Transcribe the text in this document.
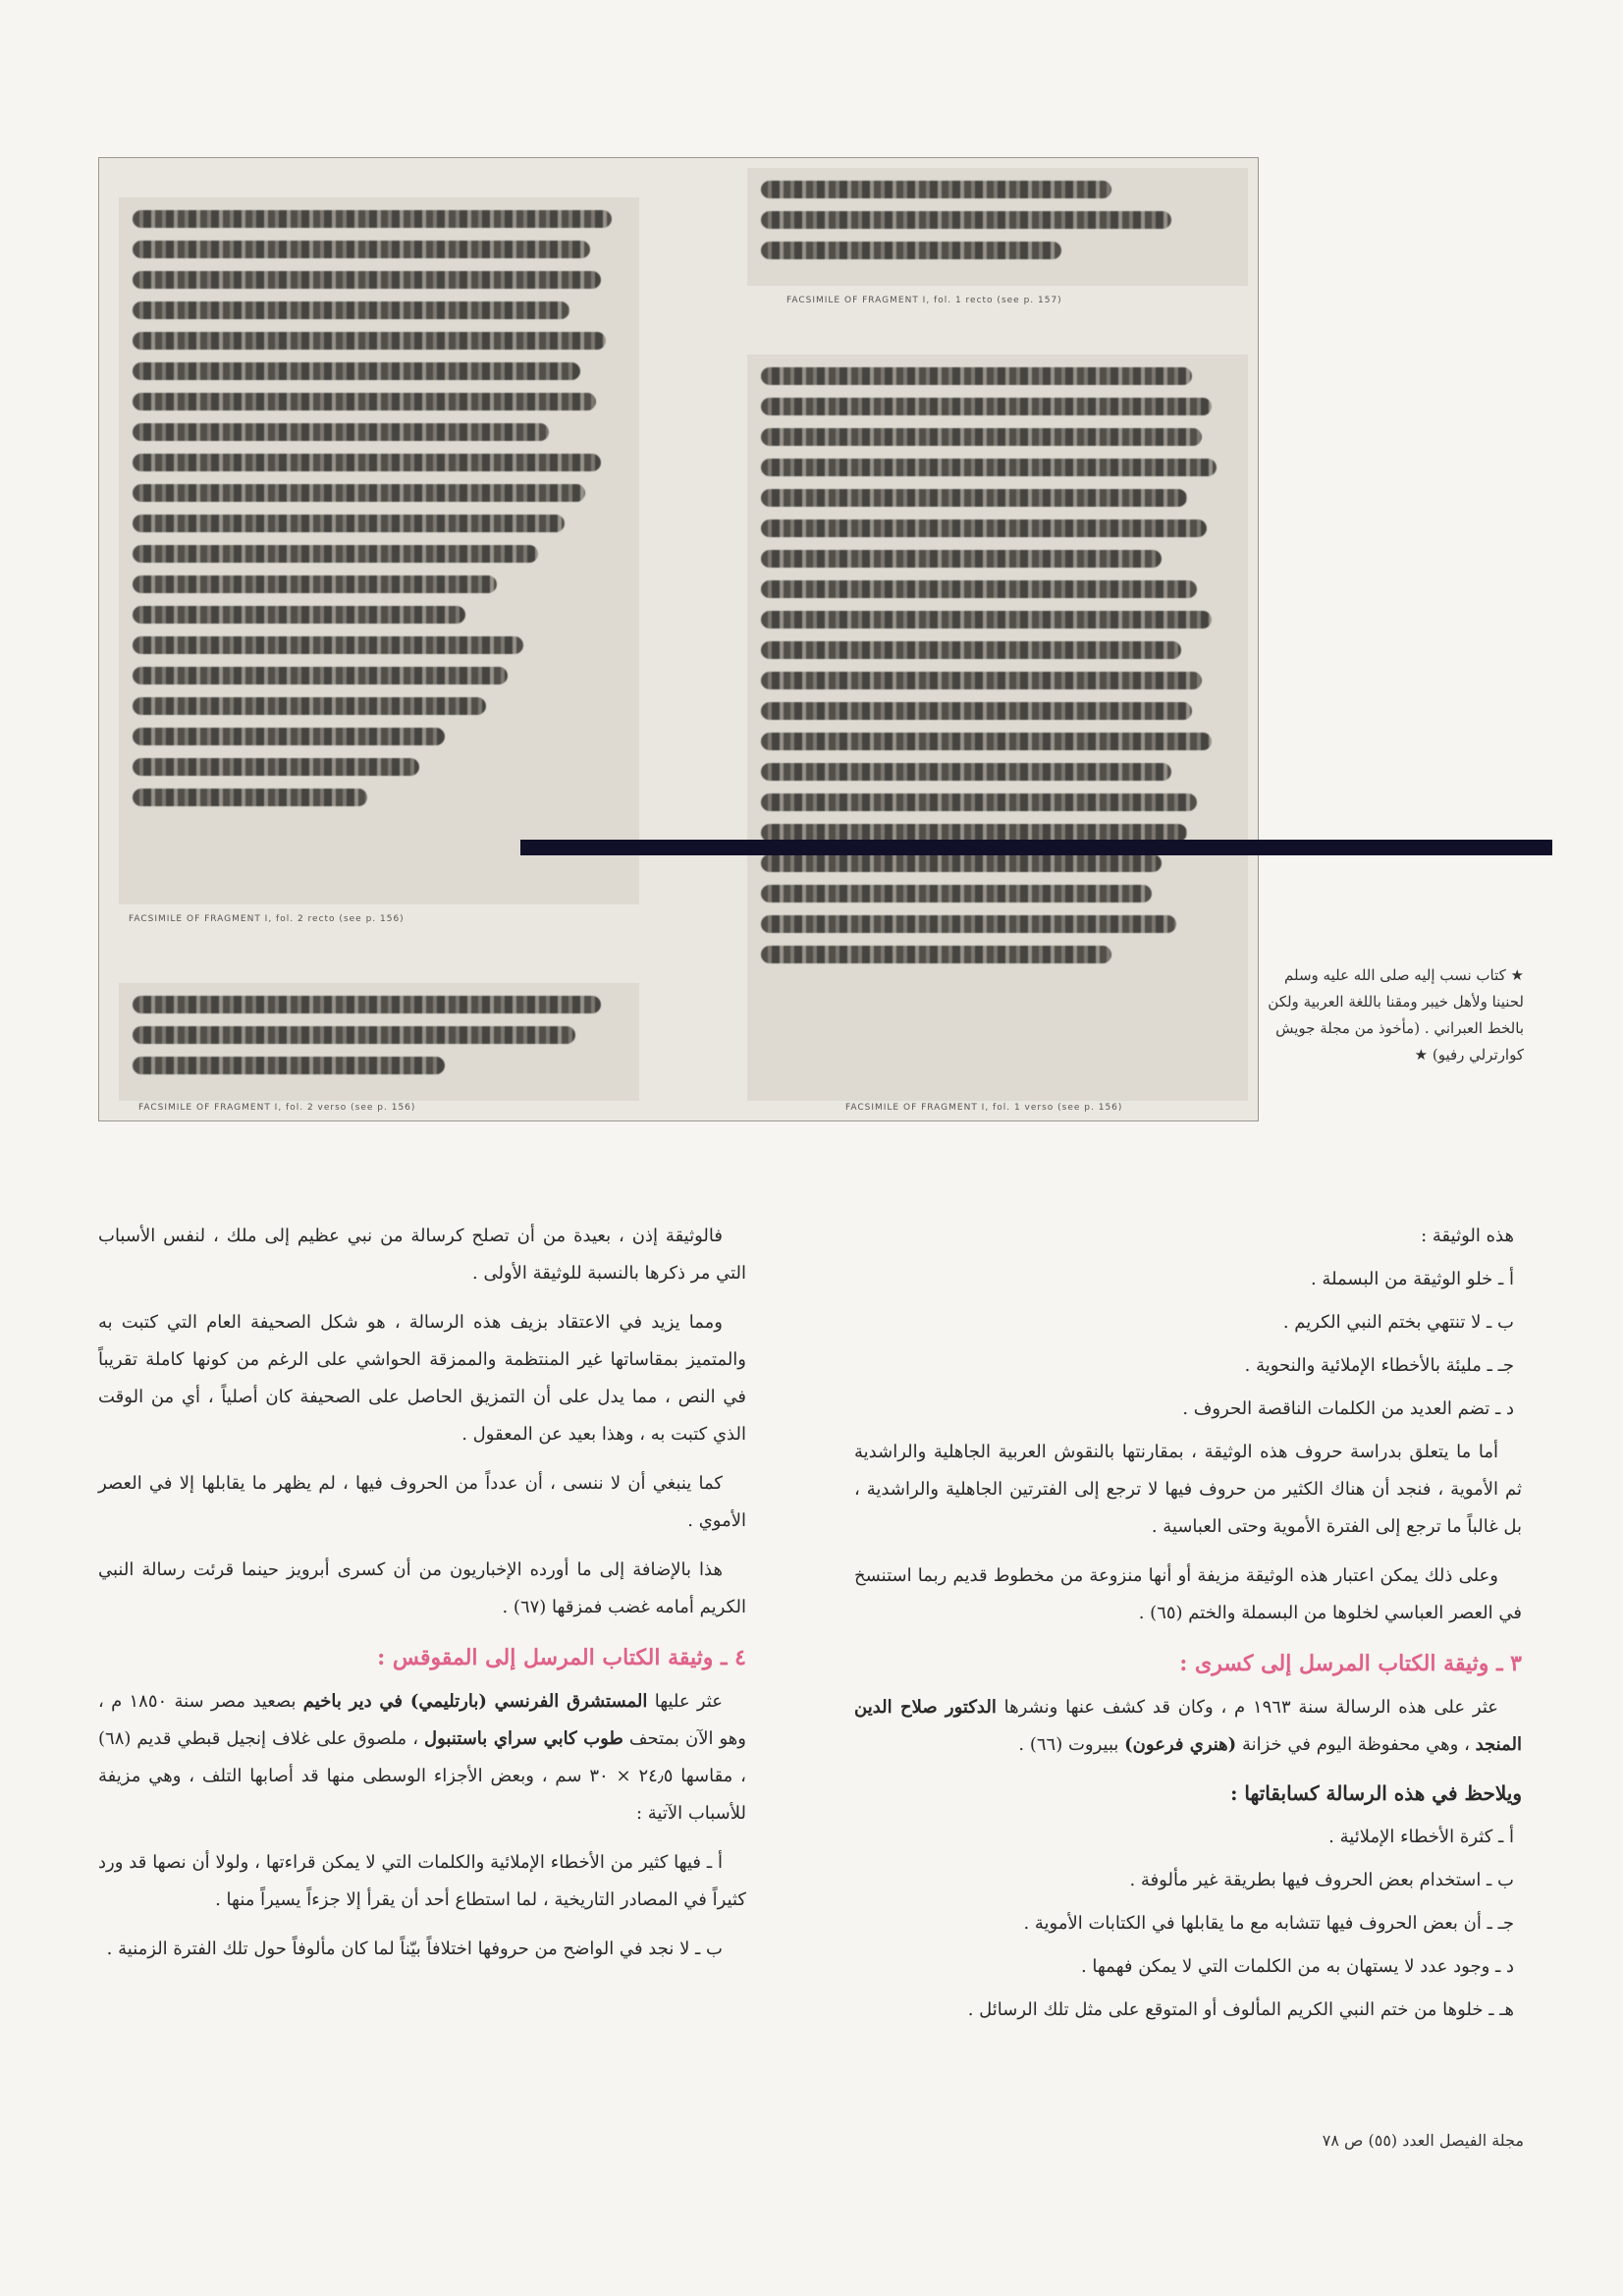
FACSIMILE OF FRAGMENT I, fol. 2 recto (see p. 156)
FACSIMILE OF FRAGMENT I, fol. 2 verso (see p. 156)
FACSIMILE OF FRAGMENT I, fol. 1 recto (see p. 157)
FACSIMILE OF FRAGMENT I, fol. 1 verso (see p. 156)
★ كتاب نسب إليه صلى الله عليه وسلم لحنينا ولأهل خيبر ومقنا باللغة العربية ولكن بالخط العبراني . (مأخوذ من مجلة جويش كوارترلي رفيو) ★

هذه الوثيقة :

أ ـ خلو الوثيقة من البسملة .

ب ـ لا تنتهي بختم النبي الكريم .

جـ ـ مليئة بالأخطاء الإملائية والنحوية .

د ـ تضم العديد من الكلمات الناقصة الحروف .

أما ما يتعلق بدراسة حروف هذه الوثيقة ، بمقارنتها بالنقوش العربية الجاهلية والراشدية ثم الأموية ، فنجد أن هناك الكثير من حروف فيها لا ترجع إلى الفترتين الجاهلية والراشدية ، بل غالباً ما ترجع إلى الفترة الأموية وحتى العباسية .

وعلى ذلك يمكن اعتبار هذه الوثيقة مزيفة أو أنها منزوعة من مخطوط قديم ربما استنسخ في العصر العباسي لخلوها من البسملة والختم (٦٥) .

٣ ـ وثيقة الكتاب المرسل إلى كسرى :

عثر على هذه الرسالة سنة ١٩٦٣ م ، وكان قد كشف عنها ونشرها الدكتور صلاح الدين المنجد ، وهي محفوظة اليوم في خزانة (هنري فرعون) ببيروت (٦٦) .

ويلاحظ في هذه الرسالة كسابقاتها :

أ ـ كثرة الأخطاء الإملائية .

ب ـ استخدام بعض الحروف فيها بطريقة غير مألوفة .

جـ ـ أن بعض الحروف فيها تتشابه مع ما يقابلها في الكتابات الأموية .

د ـ وجود عدد لا يستهان به من الكلمات التي لا يمكن فهمها .

هـ ـ خلوها من ختم النبي الكريم المألوف أو المتوقع على مثل تلك الرسائل .

فالوثيقة إذن ، بعيدة من أن تصلح كرسالة من نبي عظيم إلى ملك ، لنفس الأسباب التي مر ذكرها بالنسبة للوثيقة الأولى .

ومما يزيد في الاعتقاد بزيف هذه الرسالة ، هو شكل الصحيفة العام التي كتبت به والمتميز بمقاساتها غير المنتظمة والممزقة الحواشي على الرغم من كونها كاملة تقريباً في النص ، مما يدل على أن التمزيق الحاصل على الصحيفة كان أصلياً ، أي من الوقت الذي كتبت به ، وهذا بعيد عن المعقول .

كما ينبغي أن لا ننسى ، أن عدداً من الحروف فيها ، لم يظهر ما يقابلها إلا في العصر الأموي .

هذا بالإضافة إلى ما أورده الإخباريون من أن كسرى أبرويز حينما قرئت رسالة النبي الكريم أمامه غضب فمزقها (٦٧) .

٤ ـ وثيقة الكتاب المرسل إلى المقوقس :

عثر عليها المستشرق الفرنسي (بارتليمي) في دير باخيم بصعيد مصر سنة ١٨٥٠ م ، وهو الآن بمتحف طوب كابي سراي باستنبول ، ملصوق على غلاف إنجيل قبطي قديم (٦٨) ، مقاسها ٢٤٫٥ × ٣٠ سم ، وبعض الأجزاء الوسطى منها قد أصابها التلف ، وهي مزيفة للأسباب الآتية :

أ ـ فيها كثير من الأخطاء الإملائية والكلمات التي لا يمكن قراءتها ، ولولا أن نصها قد ورد كثيراً في المصادر التاريخية ، لما استطاع أحد أن يقرأ إلا جزءاً يسيراً منها .

ب ـ لا نجد في الواضح من حروفها اختلافاً بيّناً لما كان مألوفاً حول تلك الفترة الزمنية .

مجلة الفيصل العدد (٥٥) ص ٧٨
